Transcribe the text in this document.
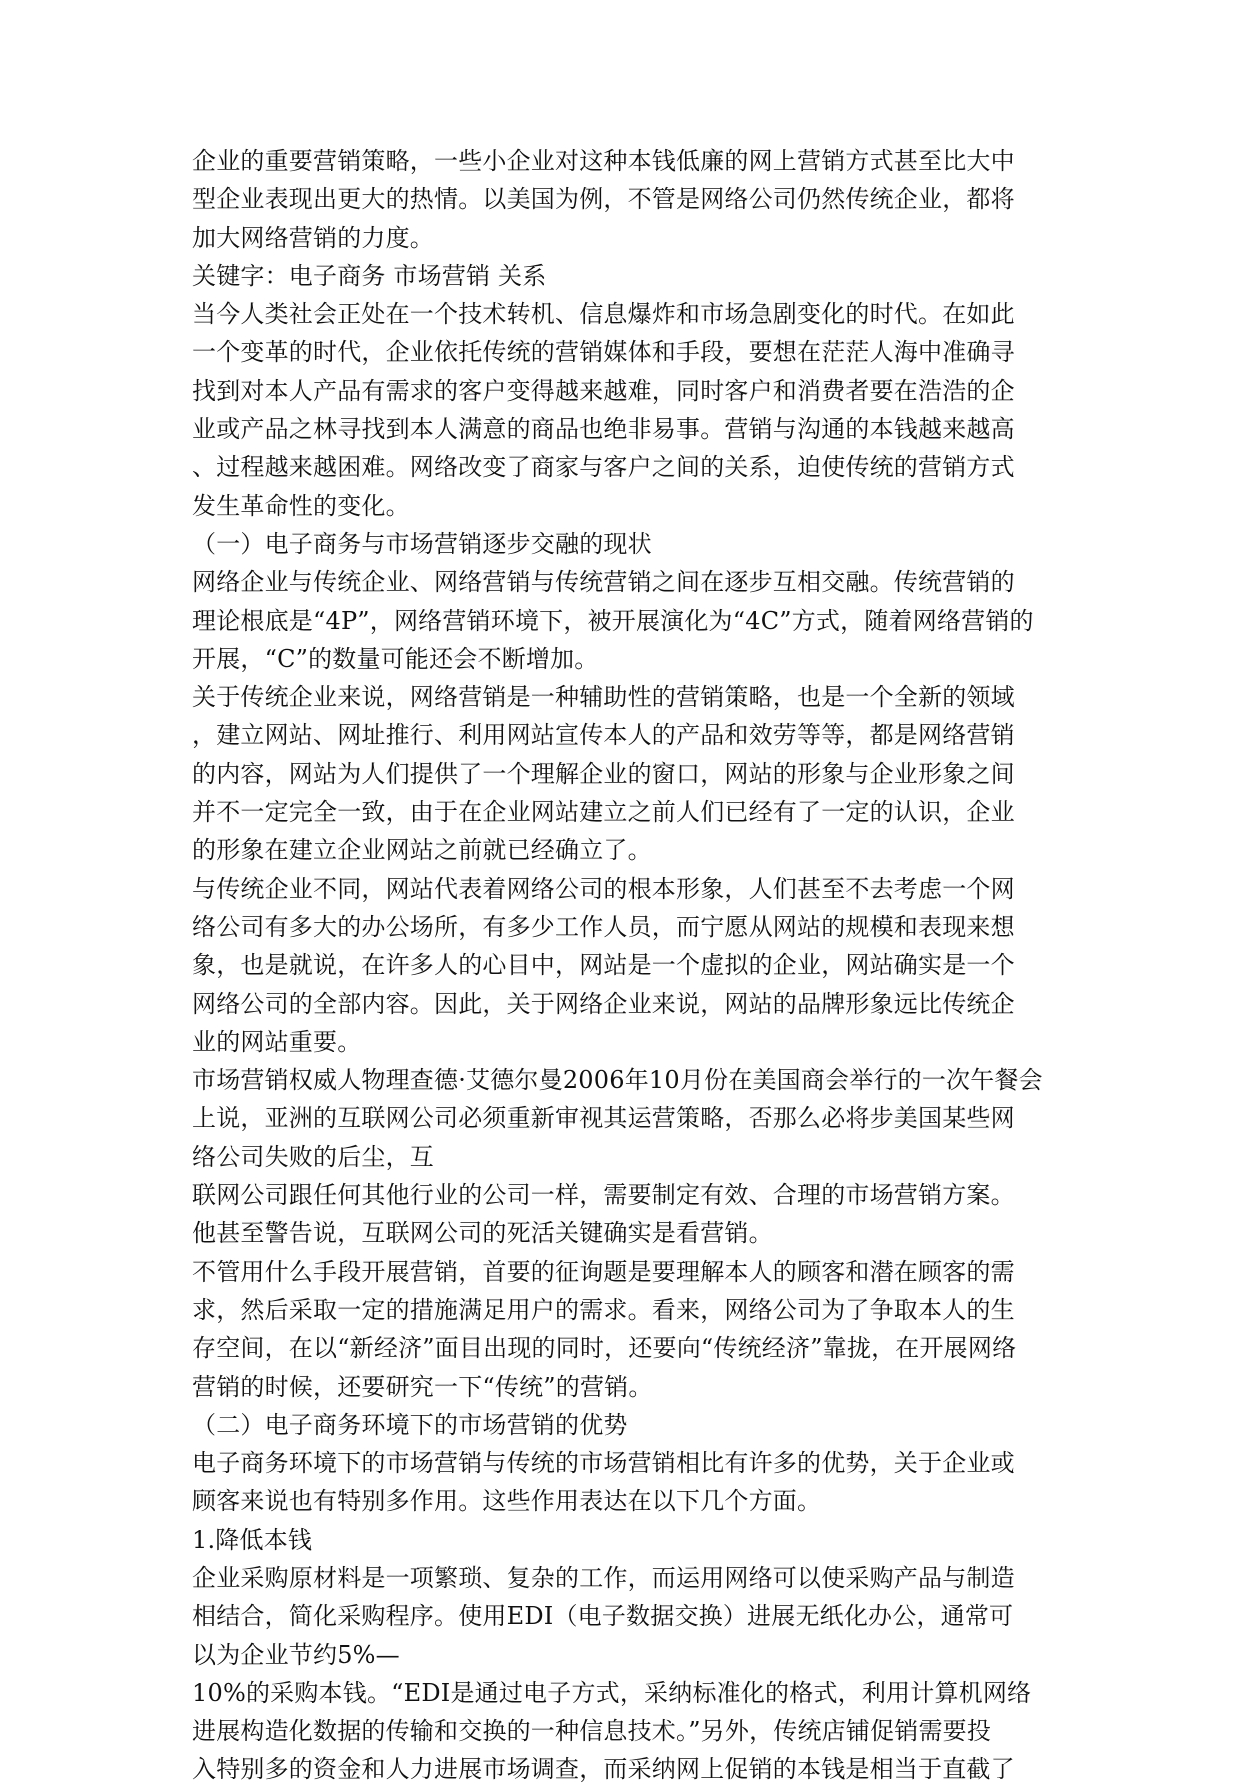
企业的重要营销策略，一些小企业对这种本钱低廉的网上营销方式甚至比大中
型企业表现出更大的热情。以美国为例，不管是网络公司仍然传统企业，都将
加大网络营销的力度。
关键字：电子商务 市场营销 关系
当今人类社会正处在一个技术转机、信息爆炸和市场急剧变化的时代。在如此
一个变革的时代，企业依托传统的营销媒体和手段，要想在茫茫人海中准确寻
找到对本人产品有需求的客户变得越来越难，同时客户和消费者要在浩浩的企
业或产品之林寻找到本人满意的商品也绝非易事。营销与沟通的本钱越来越高
、过程越来越困难。网络改变了商家与客户之间的关系，迫使传统的营销方式
发生革命性的变化。
（一）电子商务与市场营销逐步交融的现状
网络企业与传统企业、网络营销与传统营销之间在逐步互相交融。传统营销的
理论根底是“4P”，网络营销环境下，被开展演化为“4C”方式，随着网络营销的
开展，“C”的数量可能还会不断增加。
关于传统企业来说，网络营销是一种辅助性的营销策略，也是一个全新的领域
，建立网站、网址推行、利用网站宣传本人的产品和效劳等等，都是网络营销
的内容，网站为人们提供了一个理解企业的窗口，网站的形象与企业形象之间
并不一定完全一致，由于在企业网站建立之前人们已经有了一定的认识，企业
的形象在建立企业网站之前就已经确立了。
与传统企业不同，网站代表着网络公司的根本形象，人们甚至不去考虑一个网
络公司有多大的办公场所，有多少工作人员，而宁愿从网站的规模和表现来想
象，也是就说，在许多人的心目中，网站是一个虚拟的企业，网站确实是一个
网络公司的全部内容。因此，关于网络企业来说，网站的品牌形象远比传统企
业的网站重要。
市场营销权威人物理查德·艾德尔曼2006年10月份在美国商会举行的一次午餐会
上说，亚洲的互联网公司必须重新审视其运营策略，否那么必将步美国某些网
络公司失败的后尘，互
联网公司跟任何其他行业的公司一样，需要制定有效、合理的市场营销方案。
他甚至警告说，互联网公司的死活关键确实是看营销。
不管用什么手段开展营销，首要的征询题是要理解本人的顾客和潜在顾客的需
求，然后采取一定的措施满足用户的需求。看来，网络公司为了争取本人的生
存空间，在以“新经济”面目出现的同时，还要向“传统经济”靠拢，在开展网络
营销的时候，还要研究一下“传统”的营销。
（二）电子商务环境下的市场营销的优势
电子商务环境下的市场营销与传统的市场营销相比有许多的优势，关于企业或
顾客来说也有特别多作用。这些作用表达在以下几个方面。
1.降低本钱
企业采购原材料是一项繁琐、复杂的工作，而运用网络可以使采购产品与制造
相结合，简化采购程序。使用EDI（电子数据交换）进展无纸化办公，通常可
以为企业节约5%—
10%的采购本钱。“EDI是通过电子方式，采纳标准化的格式，利用计算机网络
进展构造化数据的传输和交换的一种信息技术。”另外，传统店铺促销需要投
入特别多的资金和人力进展市场调查，而采纳网上促销的本钱是相当于直截了
